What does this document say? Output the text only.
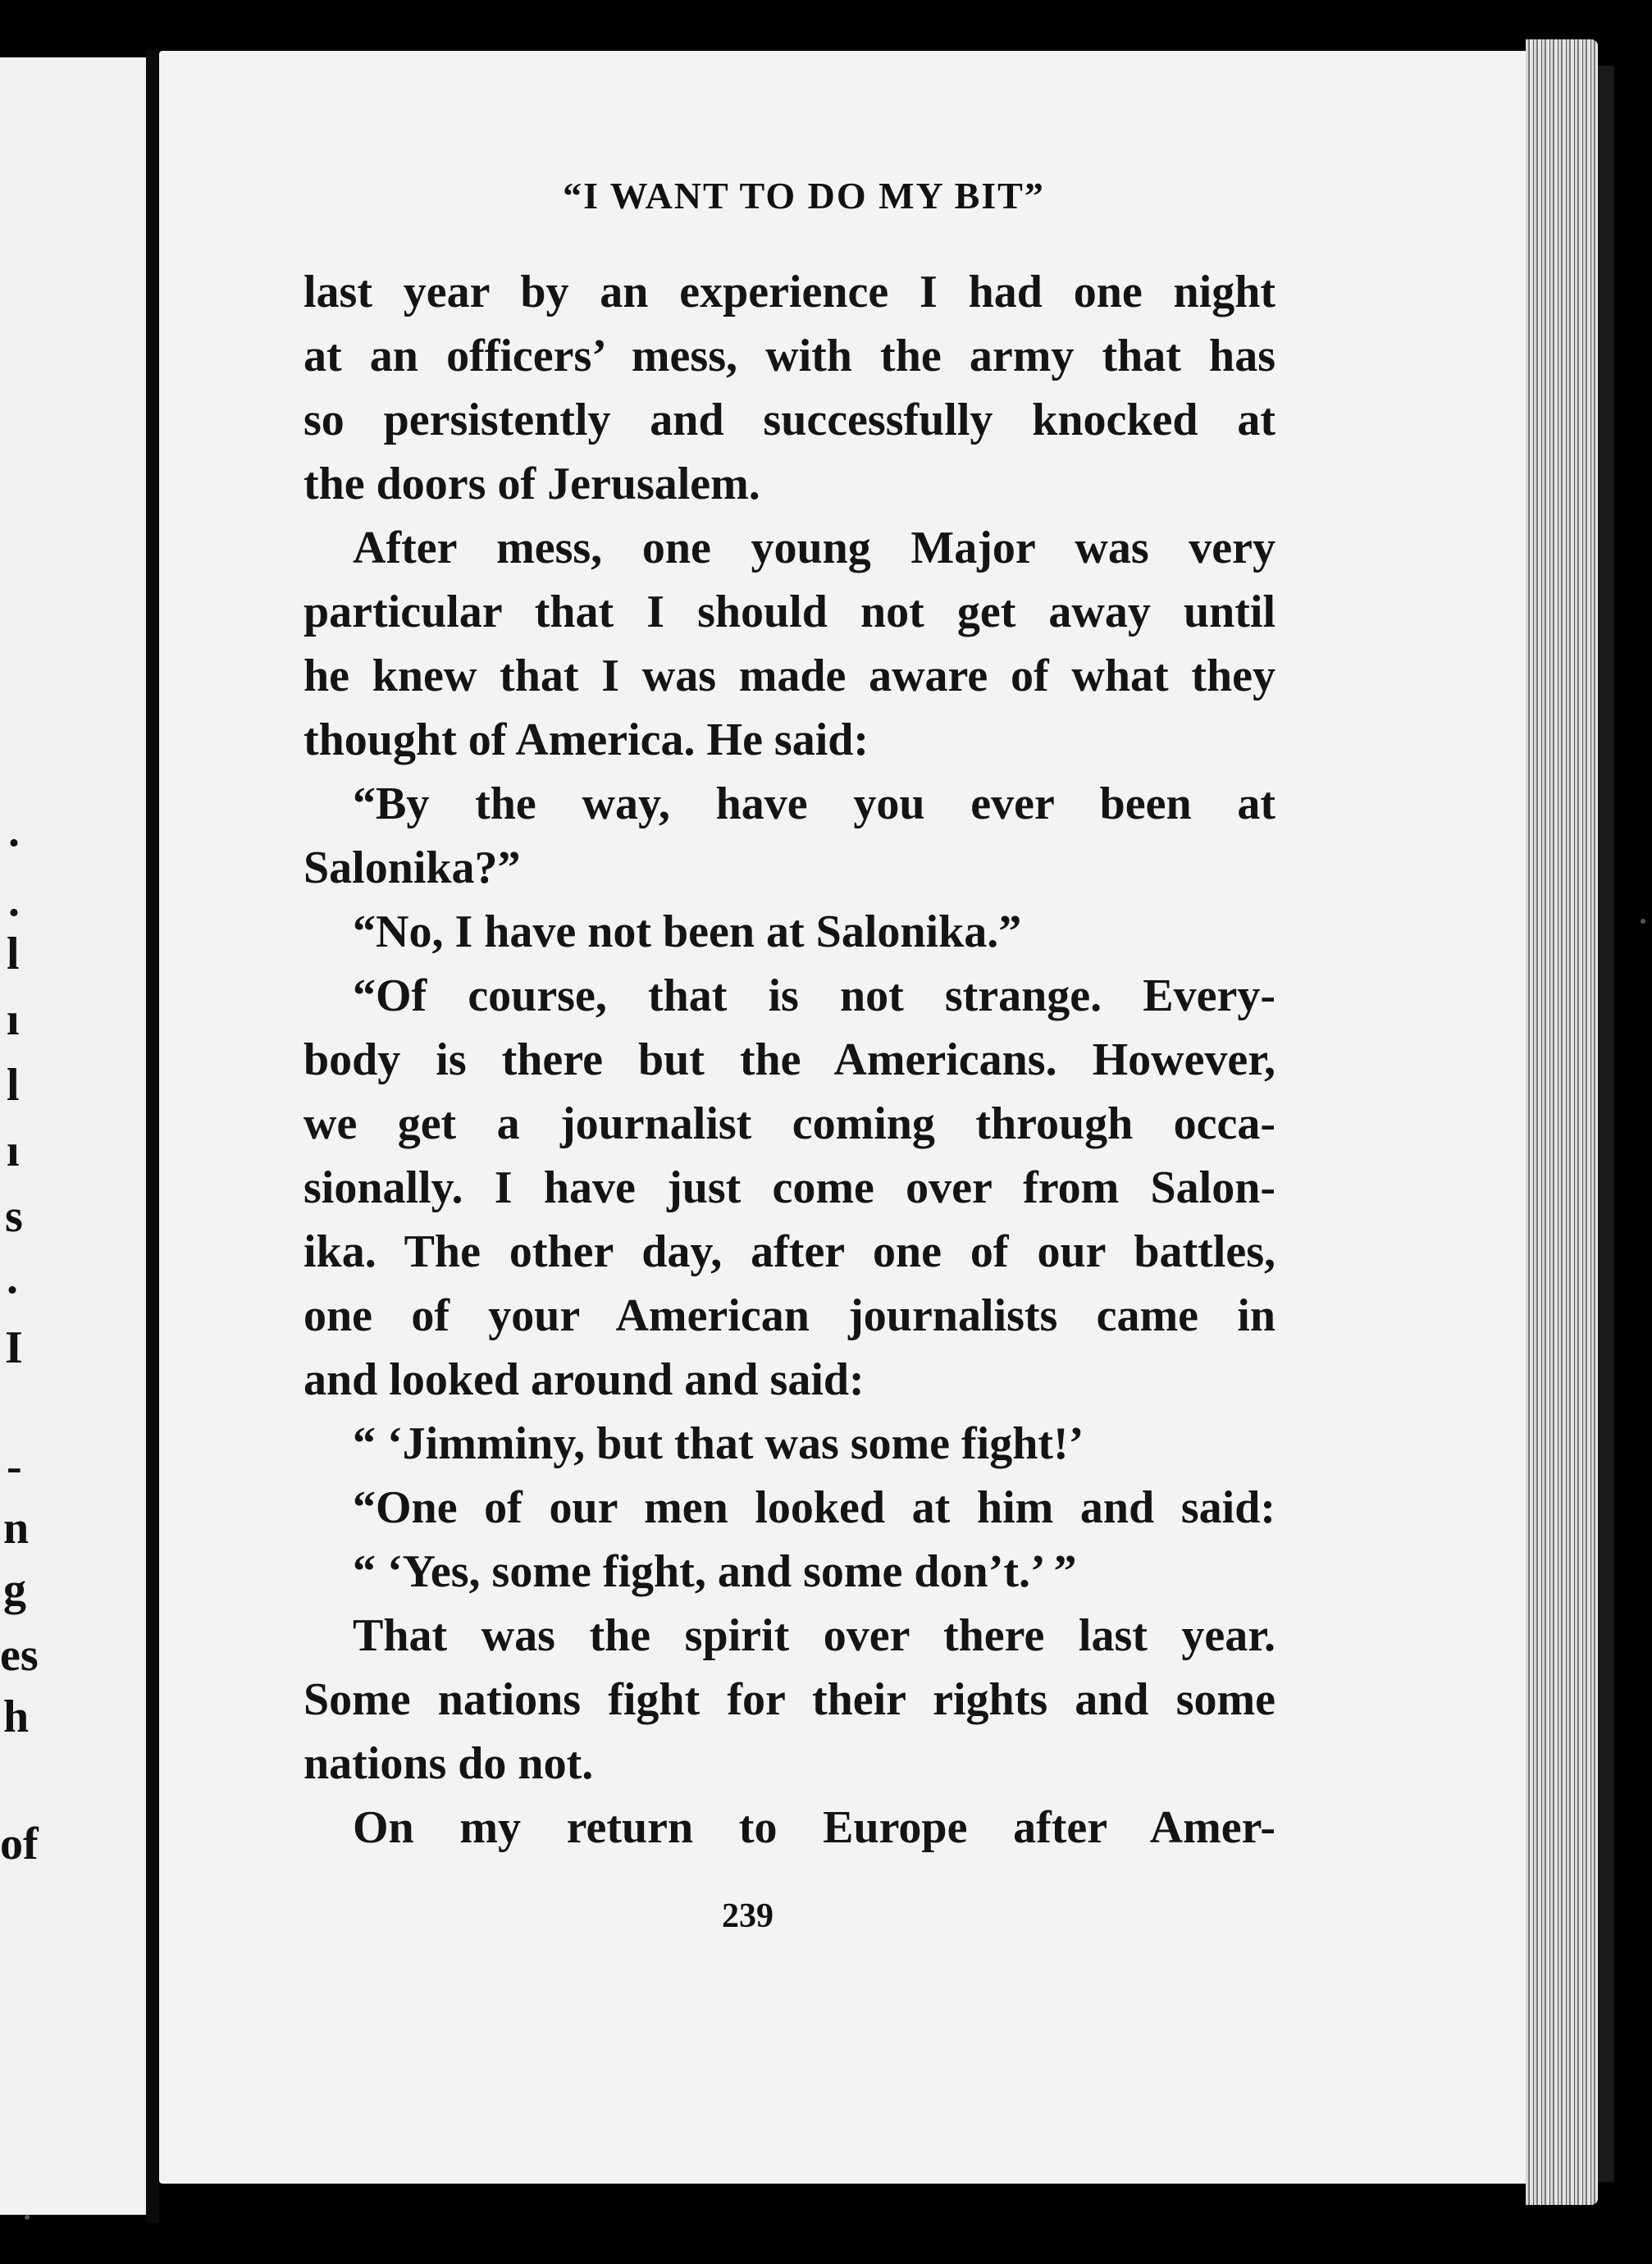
.
.
l
ı
l
ı
s
.
I
-
n
g
es
h
of
“I WANT TO DO MY BIT”
last year by an experience I had one night
at an officers’ mess, with the army that has
so persistently and successfully knocked at
the doors of Jerusalem.
After mess, one young Major was very
particular that I should not get away until
he knew that I was made aware of what they
thought of America. He said:
“By the way, have you ever been at
Salonika?”
“No, I have not been at Salonika.”
“Of course, that is not strange. Every-
body is there but the Americans. However,
we get a journalist coming through occa-
sionally. I have just come over from Salon-
ika. The other day, after one of our battles,
one of your American journalists came in
and looked around and said:
“ ‘Jimminy, but that was some fight!’
“One of our men looked at him and said:
“ ‘Yes, some fight, and some don’t.’ ”
That was the spirit over there last year.
Some nations fight for their rights and some
nations do not.
On my return to Europe after Amer-
239
